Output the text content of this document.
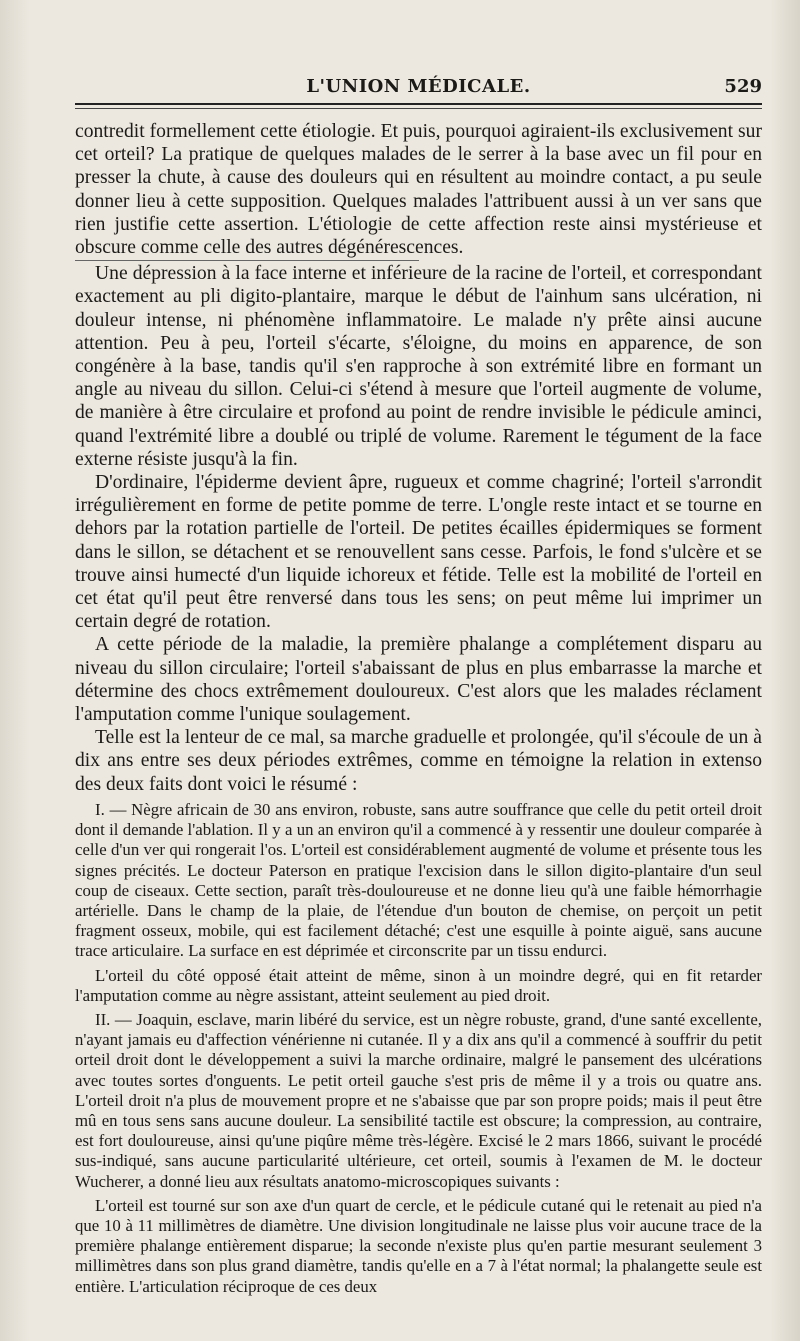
L'UNION MÉDICALE.	529

contredit formellement cette étiologie. Et puis, pourquoi agiraient-ils exclusivement sur cet orteil? La pratique de quelques malades de le serrer à la base avec un fil pour en presser la chute, à cause des douleurs qui en résultent au moindre contact, a pu seule donner lieu à cette supposition. Quelques malades l'attribuent aussi à un ver sans que rien justifie cette assertion. L'étiologie de cette affection reste ainsi mystérieuse et obscure comme celle des autres dégénérescences.

Une dépression à la face interne et inférieure de la racine de l'orteil, et correspondant exactement au pli digito-plantaire, marque le début de l'ainhum sans ulcération, ni douleur intense, ni phénomène inflammatoire. Le malade n'y prête ainsi aucune attention. Peu à peu, l'orteil s'écarte, s'éloigne, du moins en apparence, de son congénère à la base, tandis qu'il s'en rapproche à son extrémité libre en formant un angle au niveau du sillon. Celui-ci s'étend à mesure que l'orteil augmente de volume, de manière à être circulaire et profond au point de rendre invisible le pédicule aminci, quand l'extrémité libre a doublé ou triplé de volume. Rarement le tégument de la face externe résiste jusqu'à la fin.

D'ordinaire, l'épiderme devient âpre, rugueux et comme chagriné; l'orteil s'arrondit irrégulièrement en forme de petite pomme de terre. L'ongle reste intact et se tourne en dehors par la rotation partielle de l'orteil. De petites écailles épidermiques se forment dans le sillon, se détachent et se renouvellent sans cesse. Parfois, le fond s'ulcère et se trouve ainsi humecté d'un liquide ichoreux et fétide. Telle est la mobilité de l'orteil en cet état qu'il peut être renversé dans tous les sens; on peut même lui imprimer un certain degré de rotation.

A cette période de la maladie, la première phalange a complétement disparu au niveau du sillon circulaire; l'orteil s'abaissant de plus en plus embarrasse la marche et détermine des chocs extrêmement douloureux. C'est alors que les malades réclament l'amputation comme l'unique soulagement.

Telle est la lenteur de ce mal, sa marche graduelle et prolongée, qu'il s'écoule de un à dix ans entre ses deux périodes extrêmes, comme en témoigne la relation in extenso des deux faits dont voici le résumé :

I. — Nègre africain de 30 ans environ, robuste, sans autre souffrance que celle du petit orteil droit dont il demande l'ablation. Il y a un an environ qu'il a commencé à y ressentir une douleur comparée à celle d'un ver qui rongerait l'os. L'orteil est considérablement augmenté de volume et présente tous les signes précités. Le docteur Paterson en pratique l'excision dans le sillon digito-plantaire d'un seul coup de ciseaux. Cette section, paraît très-douloureuse et ne donne lieu qu'à une faible hémorrhagie artérielle. Dans le champ de la plaie, de l'étendue d'un bouton de chemise, on perçoit un petit fragment osseux, mobile, qui est facilement détaché; c'est une esquille à pointe aiguë, sans aucune trace articulaire. La surface en est déprimée et circonscrite par un tissu endurci.

L'orteil du côté opposé était atteint de même, sinon à un moindre degré, qui en fit retarder l'amputation comme au nègre assistant, atteint seulement au pied droit.

II. — Joaquin, esclave, marin libéré du service, est un nègre robuste, grand, d'une santé excellente, n'ayant jamais eu d'affection vénérienne ni cutanée. Il y a dix ans qu'il a commencé à souffrir du petit orteil droit dont le développement a suivi la marche ordinaire, malgré le pansement des ulcérations avec toutes sortes d'onguents. Le petit orteil gauche s'est pris de même il y a trois ou quatre ans. L'orteil droit n'a plus de mouvement propre et ne s'abaisse que par son propre poids; mais il peut être mû en tous sens sans aucune douleur. La sensibilité tactile est obscure; la compression, au contraire, est fort douloureuse, ainsi qu'une piqûre même très-légère. Excisé le 2 mars 1866, suivant le procédé sus-indiqué, sans aucune particularité ultérieure, cet orteil, soumis à l'examen de M. le docteur Wucherer, a donné lieu aux résultats anatomo-microscopiques suivants :

L'orteil est tourné sur son axe d'un quart de cercle, et le pédicule cutané qui le retenait au pied n'a que 10 à 11 millimètres de diamètre. Une division longitudinale ne laisse plus voir aucune trace de la première phalange entièrement disparue; la seconde n'existe plus qu'en partie mesurant seulement 3 millimètres dans son plus grand diamètre, tandis qu'elle en a 7 à l'état normal; la phalangette seule est entière. L'articulation réciproque de ces deux
